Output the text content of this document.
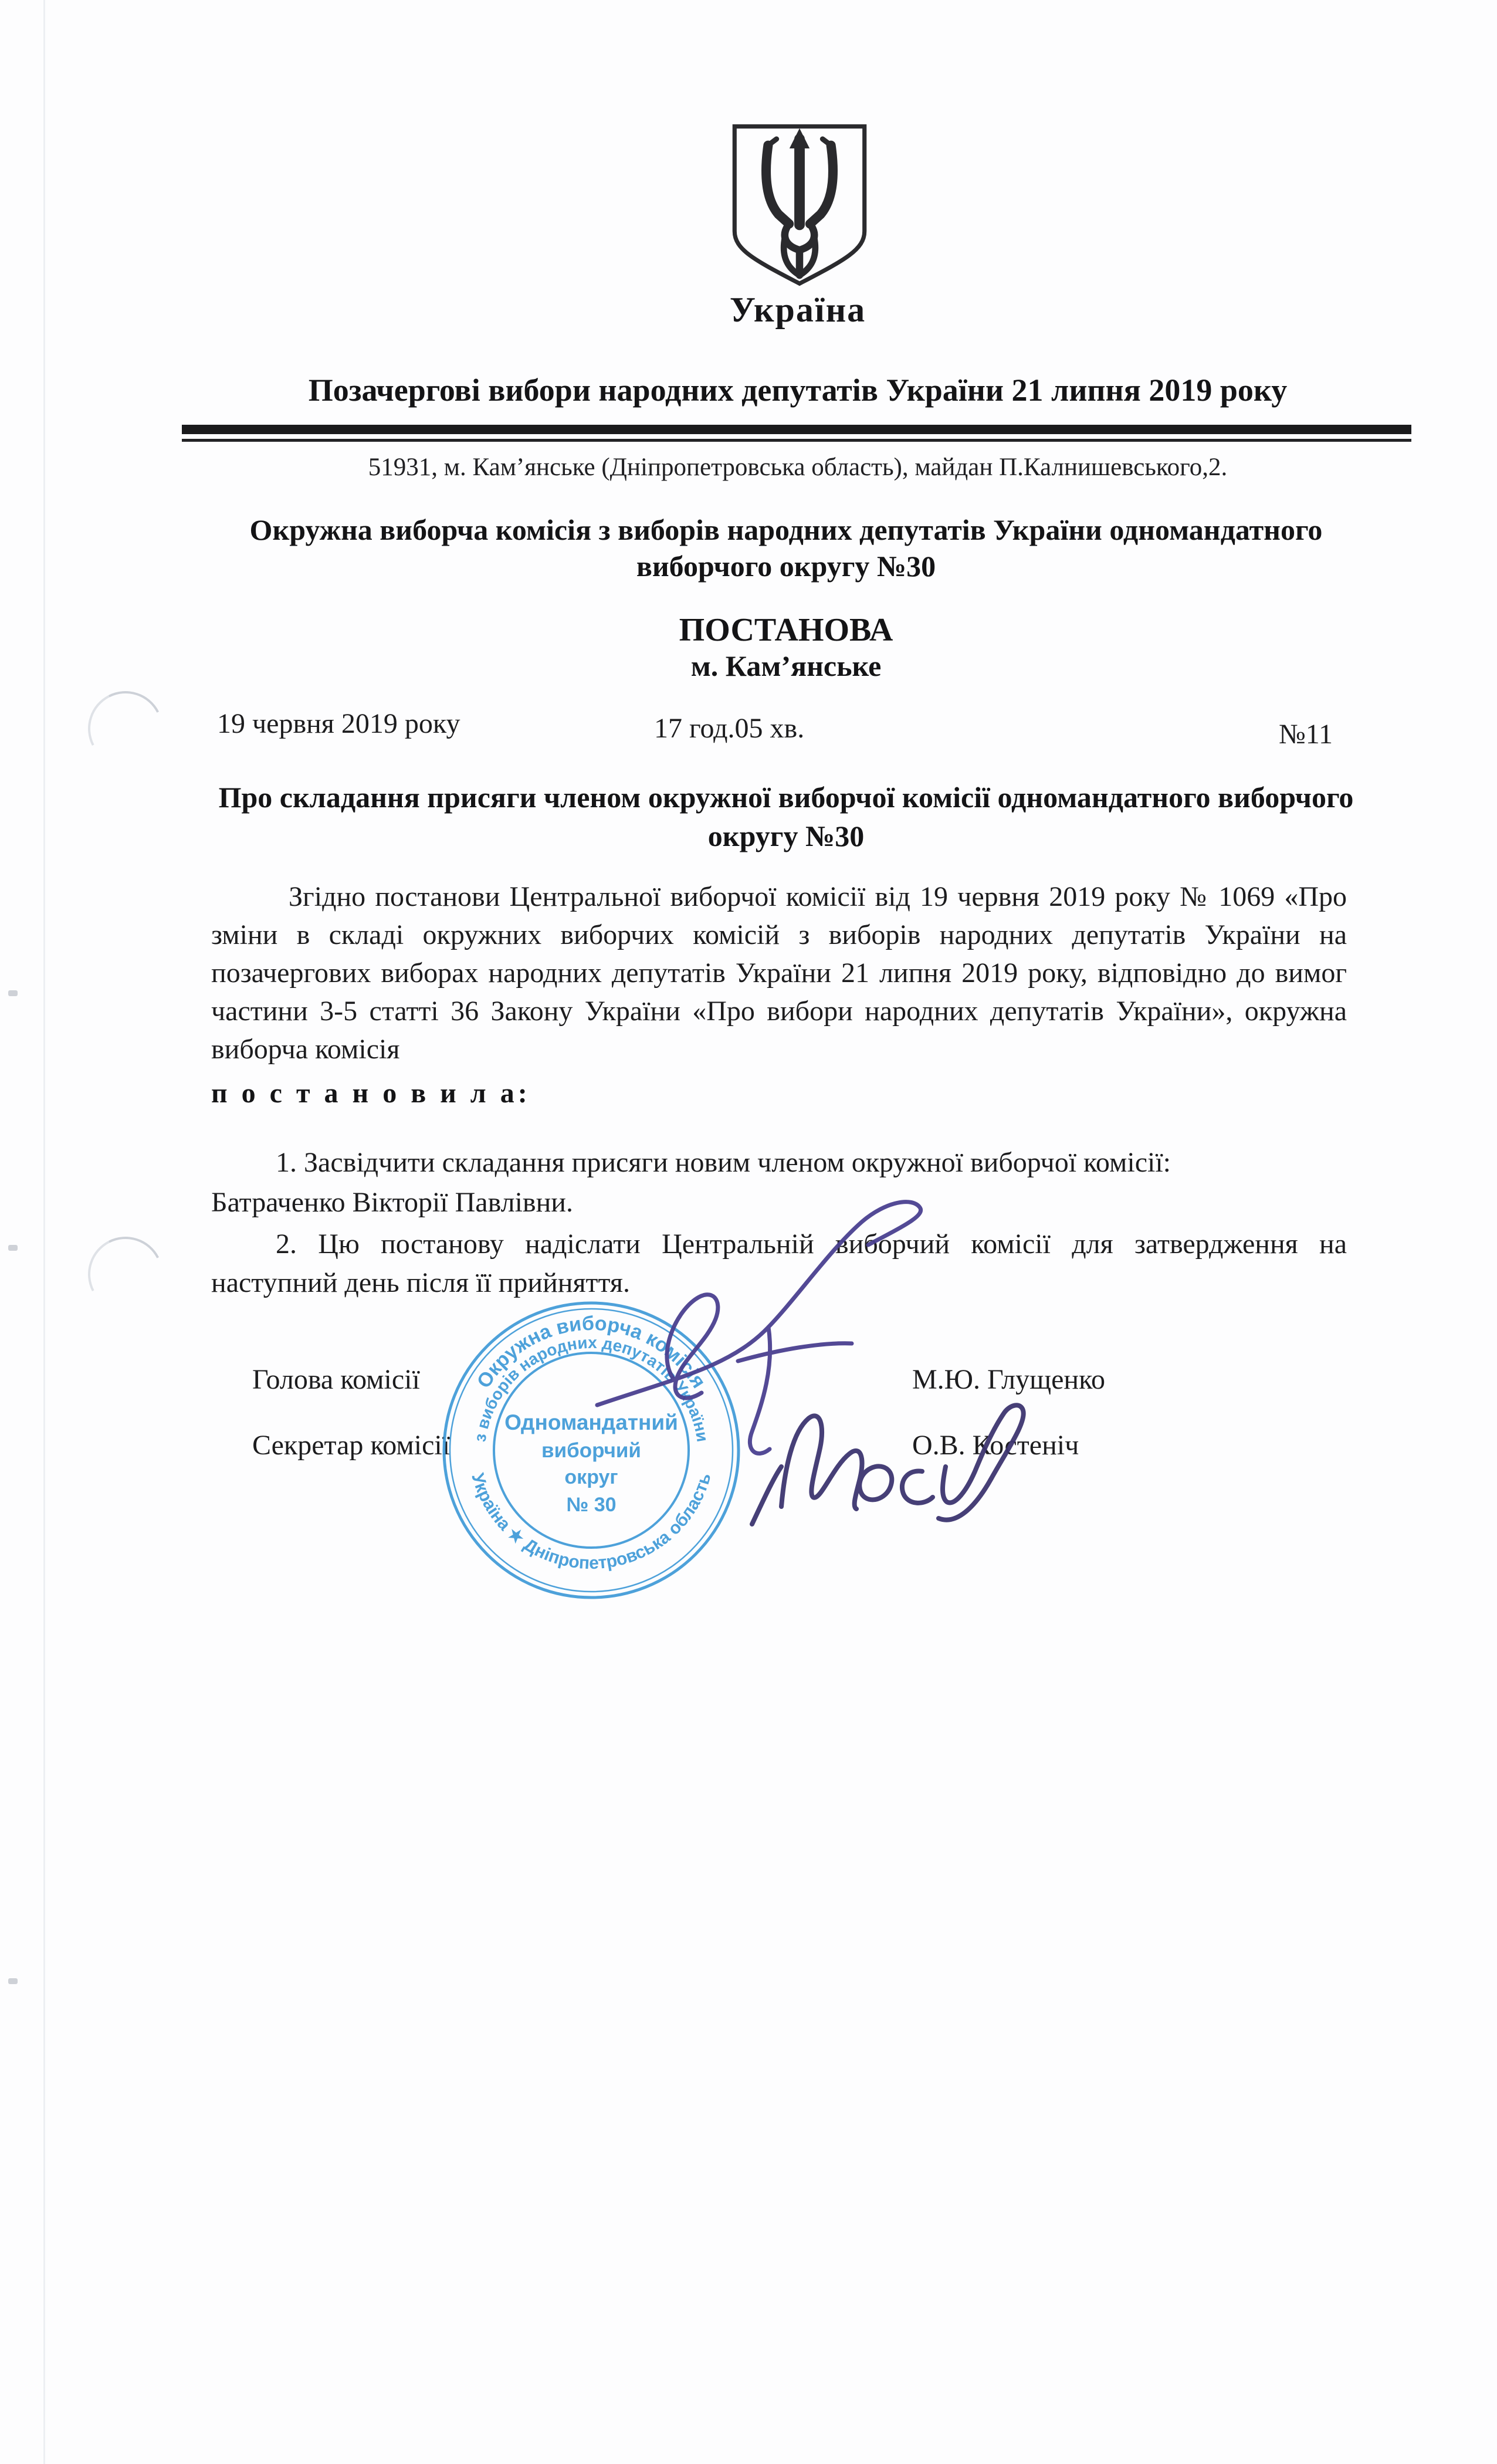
Україна
Позачергові вибори народних депутатів України 21 липня 2019 року
51931, м. Кам’янське (Дніпропетровська область), майдан П.Калнишевського,2.
Окружна виборча комісія з виборів народних депутатів України одномандатного виборчого округу №30
ПОСТАНОВА
м. Кам’янське
19 червня 2019 року	17 год.05 хв.	№11
Про складання присяги членом окружної виборчої комісії одномандатного виборчого округу №30
Згідно постанови Центральної виборчої комісії від 19 червня 2019 року № 1069 «Про зміни в складі окружних виборчих комісій з виборів народних депутатів України на позачергових виборах народних депутатів України 21 липня 2019 року, відповідно до вимог частини 3-5 статті 36 Закону України «Про вибори народних депутатів України», окружна виборча комісія
п о с т а н о в и л а:
1. Засвідчити складання присяги новим членом окружної виборчої комісії:
Батраченко Вікторії Павлівни.
2. Цю постанову надіслати Центральній виборчий комісії для затвердження на наступний день після її прийняття.
Голова комісії	М.Ю. Глущенко
Секретар комісії	О.В. Костеніч
Окружна виборча комісія
з виборів народних депутатів України
Україна ★ Дніпропетровська область
Одномандатний
виборчий
округ
№ 30
